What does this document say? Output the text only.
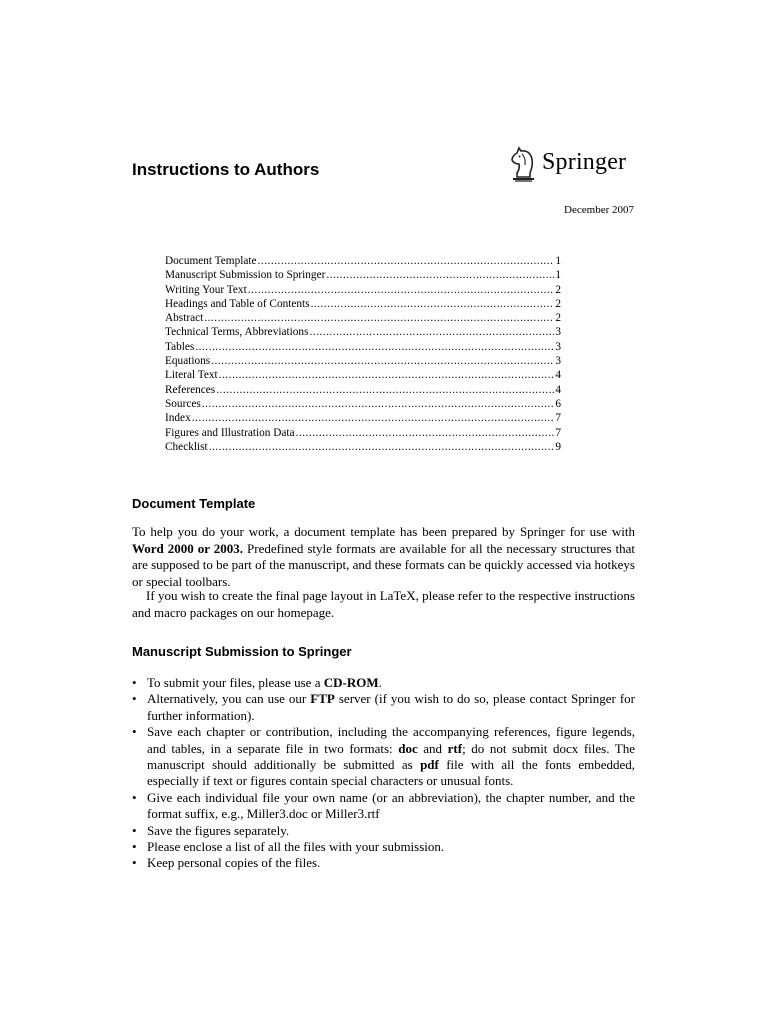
Instructions to Authors	Springer
December 2007
Document Template .....	1
Manuscript Submission to Springer .....	1
Writing Your Text .....	2
Headings and Table of Contents .....	2
Abstract .....	2
Technical Terms, Abbreviations .....	3
Tables .....	3
Equations .....	3
Literal Text .....	4
References .....	4
Sources .....	6
Index .....	7
Figures and Illustration Data .....	7
Checklist .....	9
Document Template

To help you do your work, a document template has been prepared by Springer for use with Word 2000 or 2003. Predefined style formats are available for all the necessary structures that are supposed to be part of the manuscript, and these formats can be quickly accessed via hotkeys or special toolbars.

If you wish to create the final page layout in LaTeX, please refer to the respective instructions and macro packages on our homepage.

Manuscript Submission to Springer
• To submit your files, please use a CD-ROM.
• Alternatively, you can use our FTP server (if you wish to do so, please contact Springer for further information).
• Save each chapter or contribution, including the accompanying references, figure legends, and tables, in a separate file in two formats: doc and rtf; do not submit docx files. The manuscript should additionally be submitted as pdf file with all the fonts embedded, especially if text or figures contain special characters or unusual fonts.
• Give each individual file your own name (or an abbreviation), the chapter number, and the format suffix, e.g., Miller3.doc or Miller3.rtf
• Save the figures separately.
• Please enclose a list of all the files with your submission.
• Keep personal copies of the files.
